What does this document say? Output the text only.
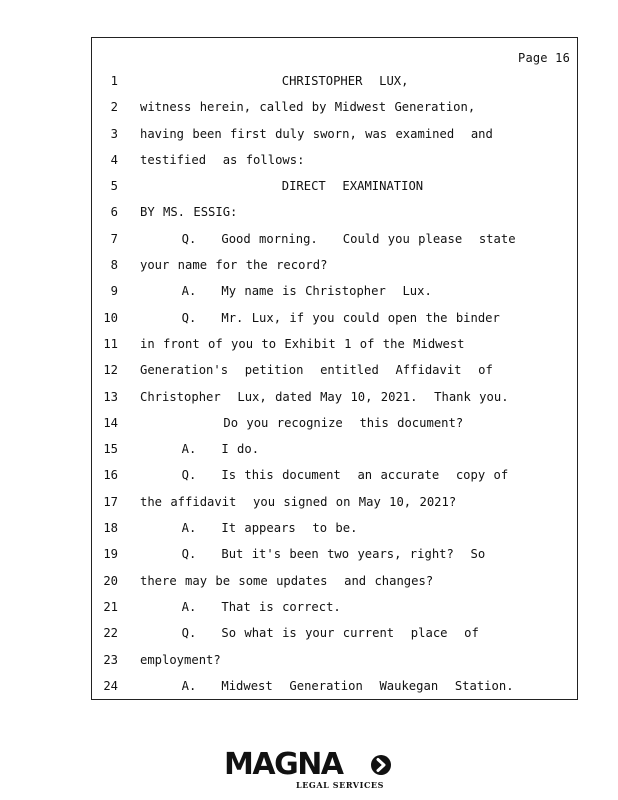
Page 16
1 CHRISTOPHER  LUX,
2 witness herein, called by Midwest Generation,
3 having been first duly sworn, was examined  and
4 testified  as follows:
5 DIRECT  EXAMINATION
6 BY MS. ESSIG:
7 Q.   Good morning.   Could you please  state
8 your name for the record?
9 A.   My name is Christopher  Lux.
10 Q.   Mr. Lux, if you could open the binder
11 in front of you to Exhibit 1 of the Midwest
12 Generation's  petition  entitled  Affidavit  of
13 Christopher  Lux, dated May 10, 2021.  Thank you.
14 Do you recognize  this document?
15 A.   I do.
16 Q.   Is this document  an accurate  copy of
17 the affidavit  you signed on May 10, 2021?
18 A.   It appears  to be.
19 Q.   But it's been two years, right?  So
20 there may be some updates  and changes?
21 A.   That is correct.
22 Q.   So what is your current  place  of
23 employment?
24 A.   Midwest  Generation  Waukegan  Station.
MAGNA
LEGAL SERVICES
